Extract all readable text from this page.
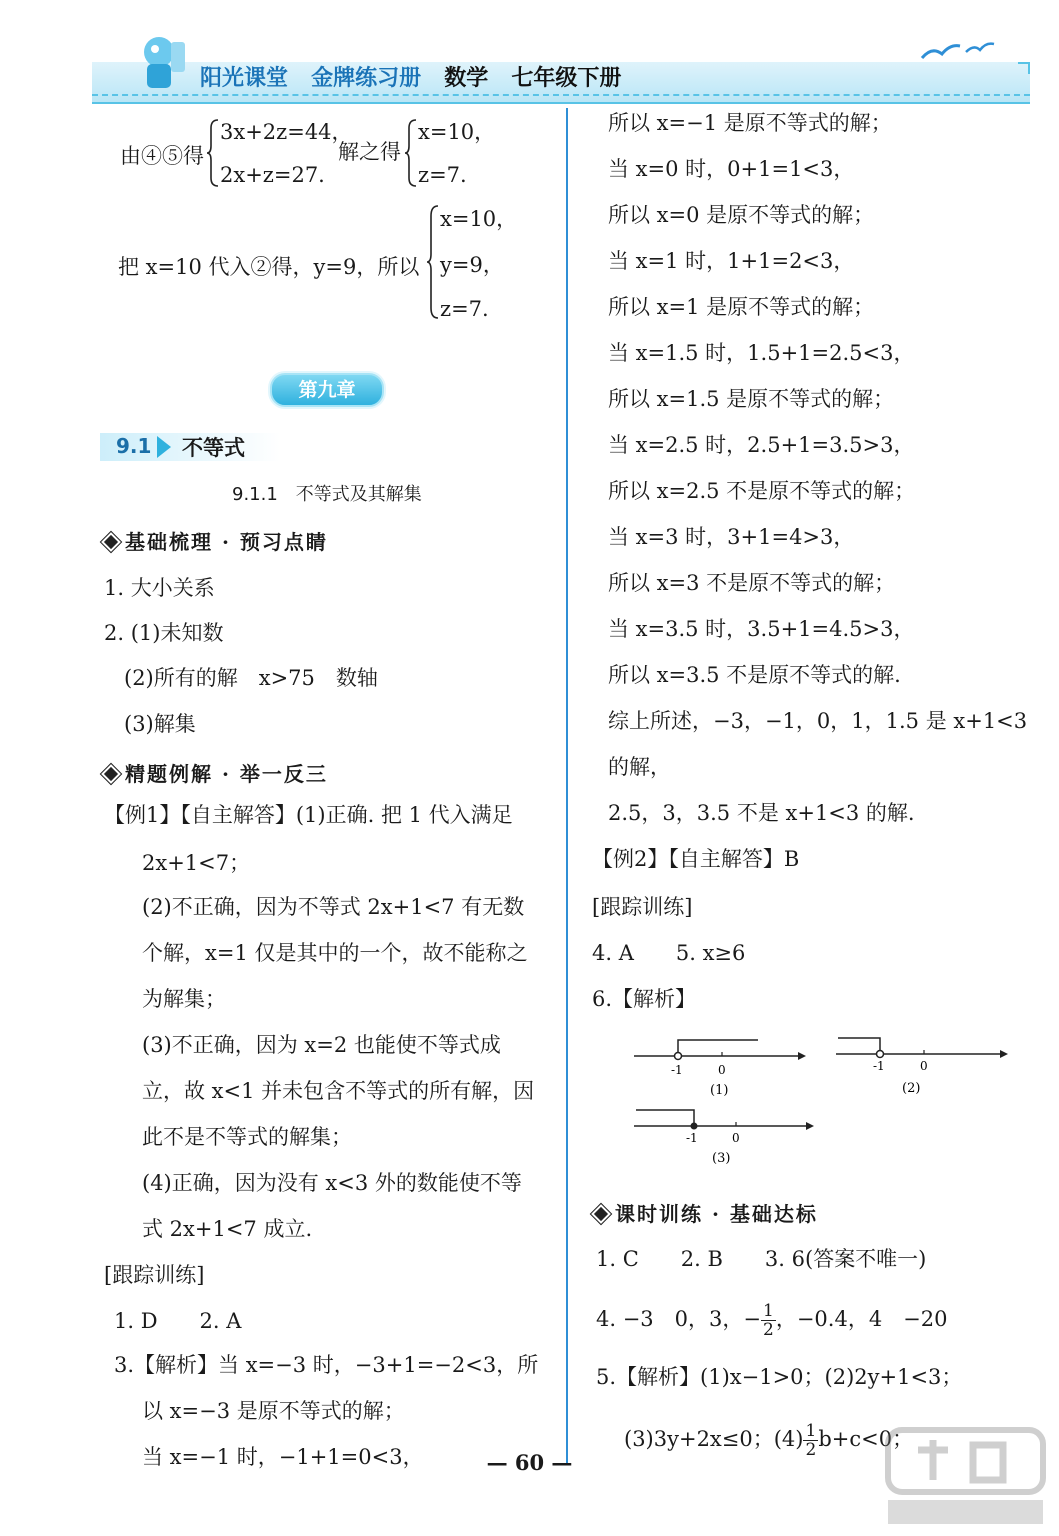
阳光课堂 金牌练习册 数学 七年级下册
由④⑤得
3x+2z=44，
2x+z=27.
解之得
x=10，
z=7.
把 x=10 代入②得，y=9，所以
x=10，
y=9，
z=7.
第九章
9.1 不等式
9.1.1　不等式及其解集
基础梳理 · 预习点睛
1. 大小关系
2. (1)未知数
(2)所有的解　x>75　数轴
(3)解集
精题例解 · 举一反三
【例1】【自主解答】(1)正确. 把 1 代入满足
2x+1<7；
(2)不正确，因为不等式 2x+1<7 有无数
个解，x=1 仅是其中的一个，故不能称之
为解集；
(3)不正确，因为 x=2 也能使不等式成
立，故 x<1 并未包含不等式的所有解，因
此不是不等式的解集；
(4)正确，因为没有 x<3 外的数能使不等
式 2x+1<7 成立.
[跟踪训练]
1. D　　2. A
3.【解析】当 x=−3 时，−3+1=−2<3，所
以 x=−3 是原不等式的解；
当 x=−1 时，−1+1=0<3，
所以 x=−1 是原不等式的解；
当 x=0 时，0+1=1<3，
所以 x=0 是原不等式的解；
当 x=1 时，1+1=2<3，
所以 x=1 是原不等式的解；
当 x=1.5 时，1.5+1=2.5<3，
所以 x=1.5 是原不等式的解；
当 x=2.5 时，2.5+1=3.5>3，
所以 x=2.5 不是原不等式的解；
当 x=3 时，3+1=4>3，
所以 x=3 不是原不等式的解；
当 x=3.5 时，3.5+1=4.5>3，
所以 x=3.5 不是原不等式的解.
综上所述，−3，−1，0，1，1.5 是 x+1<3
的解，
2.5，3，3.5 不是 x+1<3 的解.
【例2】【自主解答】B
[跟踪训练]
4. A　　5. x≥6
6.【解析】
-1	0
(1)
-1	0
(2)
-1	0
(3)
课时训练 · 基础达标
1. C　　2. B　　3. 6(答案不唯一)
4. −3　0，3，− $\frac{1}{2}$ ，−0.4，4　−20
5.【解析】(1)x−1>0；(2)2y+1<3；
(3)3y+2x≤0；$(4) \frac{1}{2} b+c<0$；
— 60 —
